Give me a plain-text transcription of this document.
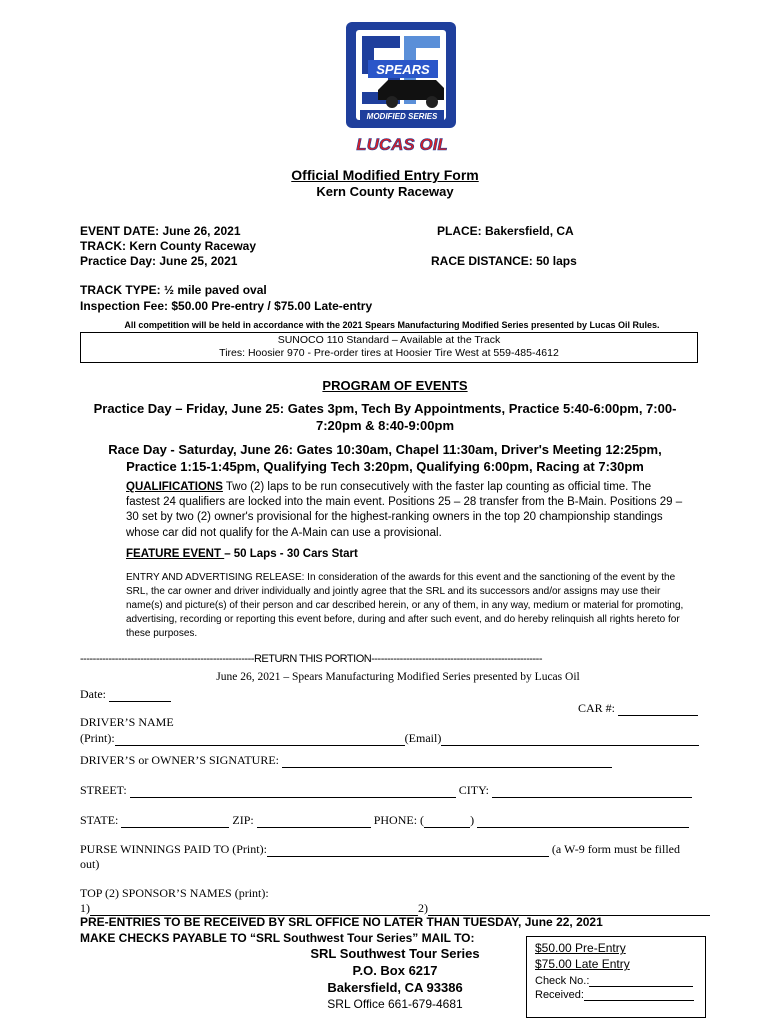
SPEARS
MODIFIED SERIES
LUCAS OIL
Official Modified Entry Form
Kern County Raceway
EVENT DATE: June 26, 2021
TRACK: Kern County Raceway
Practice Day: June 25, 2021
PLACE: Bakersfield, CA
RACE DISTANCE: 50 laps
TRACK TYPE: ½ mile paved oval
Inspection Fee: $50.00 Pre-entry / $75.00 Late-entry
All competition will be held in accordance with the 2021 Spears Manufacturing Modified Series presented by Lucas Oil Rules.
SUNOCO 110 Standard – Available at the Track
Tires: Hoosier 970 - Pre-order tires at Hoosier Tire West at 559-485-4612
PROGRAM OF EVENTS
Practice Day – Friday, June 25: Gates 3pm, Tech By Appointments, Practice 5:40-6:00pm, 7:00-
7:20pm & 8:40-9:00pm
Race Day - Saturday, June 26: Gates 10:30am, Chapel 11:30am, Driver's Meeting 12:25pm,
Practice 1:15-1:45pm, Qualifying Tech 3:20pm, Qualifying 6:00pm, Racing at 7:30pm
QUALIFICATIONS Two (2) laps to be run consecutively with the faster lap counting as official time. The fastest 24 qualifiers are locked into the main event. Positions 25 – 28 transfer from the B-Main. Positions 29 – 30 set by two (2) owner's provisional for the highest-ranking owners in the top 20 championship standings whose car did not qualify for the A-Main can use a provisional.
FEATURE EVENT – 50 Laps - 30 Cars Start
ENTRY AND ADVERTISING RELEASE: In consideration of the awards for this event and the sanctioning of the event by the SRL, the car owner and driver individually and jointly agree that the SRL and its successors and/or assigns may use their name(s) and picture(s) of their person and car described herein, or any of them, in any way, medium or material for promoting, advertising, recording or reporting this event before, during and after such event, and do hereby relinquish all rights hereto for these purposes.
-------------------------------------------------------RETURN THIS PORTION------------------------------------------------------
June 26, 2021 – Spears Manufacturing Modified Series presented by Lucas Oil
Date:
CAR #:
DRIVER’S NAME
(Print):	(Email)
DRIVER’S or OWNER’S SIGNATURE:
STREET:	CITY:
STATE:	ZIP:	PHONE: (	)
PURSE WINNINGS PAID TO (Print):	(a W-9 form must be filled
out)
TOP (2) SPONSOR’S NAMES (print):
1)	2)
PRE-ENTRIES TO BE RECEIVED BY SRL OFFICE NO LATER THAN TUESDAY, June 22, 2021
MAKE CHECKS PAYABLE TO “SRL Southwest Tour Series” MAIL TO:
SRL Southwest Tour Series
P.O. Box 6217
Bakersfield, CA 93386
SRL Office 661-679-4681
$50.00 Pre-Entry
$75.00 Late Entry
Check No.:
Received:
